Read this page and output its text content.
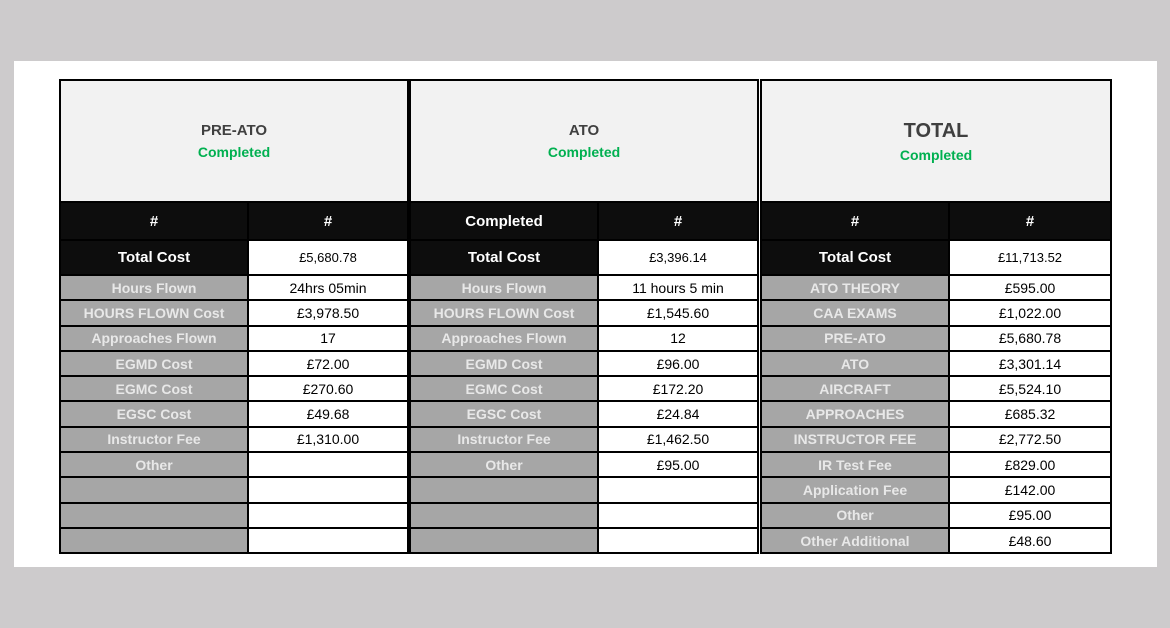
PRE-ATO
Completed
#	#
Total Cost	£5,680.78
Hours Flown	24hrs 05min
HOURS FLOWN Cost	£3,978.50
Approaches Flown	17
EGMD Cost	£72.00
EGMC Cost	£270.60
EGSC Cost	£49.68
Instructor Fee	£1,310.00
Other	

ATO
Completed
Completed	#
Total Cost	£3,396.14
Hours Flown	11 hours 5 min
HOURS FLOWN Cost	£1,545.60
Approaches Flown	12
EGMD Cost	£96.00
EGMC Cost	£172.20
EGSC Cost	£24.84
Instructor Fee	£1,462.50
Other	£95.00

TOTAL
Completed
#	#
Total Cost	£11,713.52
ATO THEORY	£595.00
CAA EXAMS	£1,022.00
PRE-ATO	£5,680.78
ATO	£3,301.14
AIRCRAFT	£5,524.10
APPROACHES	£685.32
INSTRUCTOR FEE	£2,772.50
IR Test Fee	£829.00
Application Fee	£142.00
Other	£95.00
Other Additional	£48.60
